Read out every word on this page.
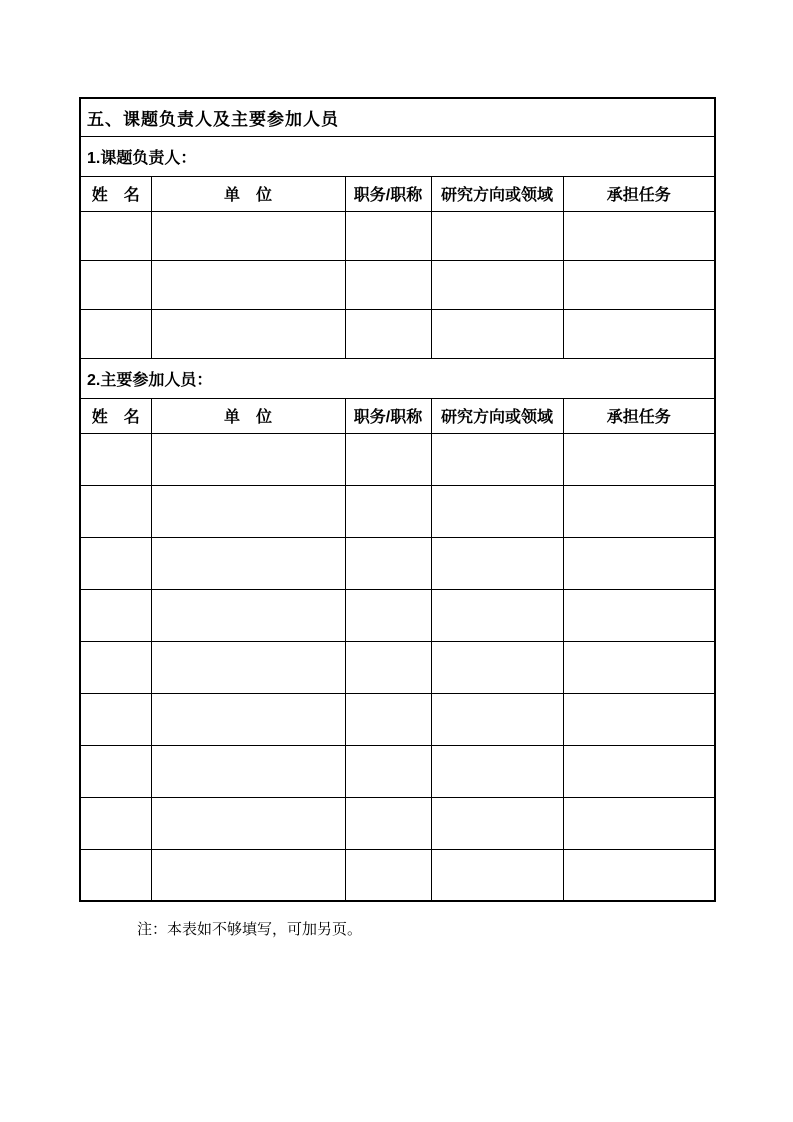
五、课题负责人及主要参加人员				
1.课题负责人：				
姓　名	单　位	职务/职称	研究方向或领域	承担任务

2.主要参加人员：				
姓　名	单　位	职务/职称	研究方向或领域	承担任务

注：本表如不够填写，可加另页。
